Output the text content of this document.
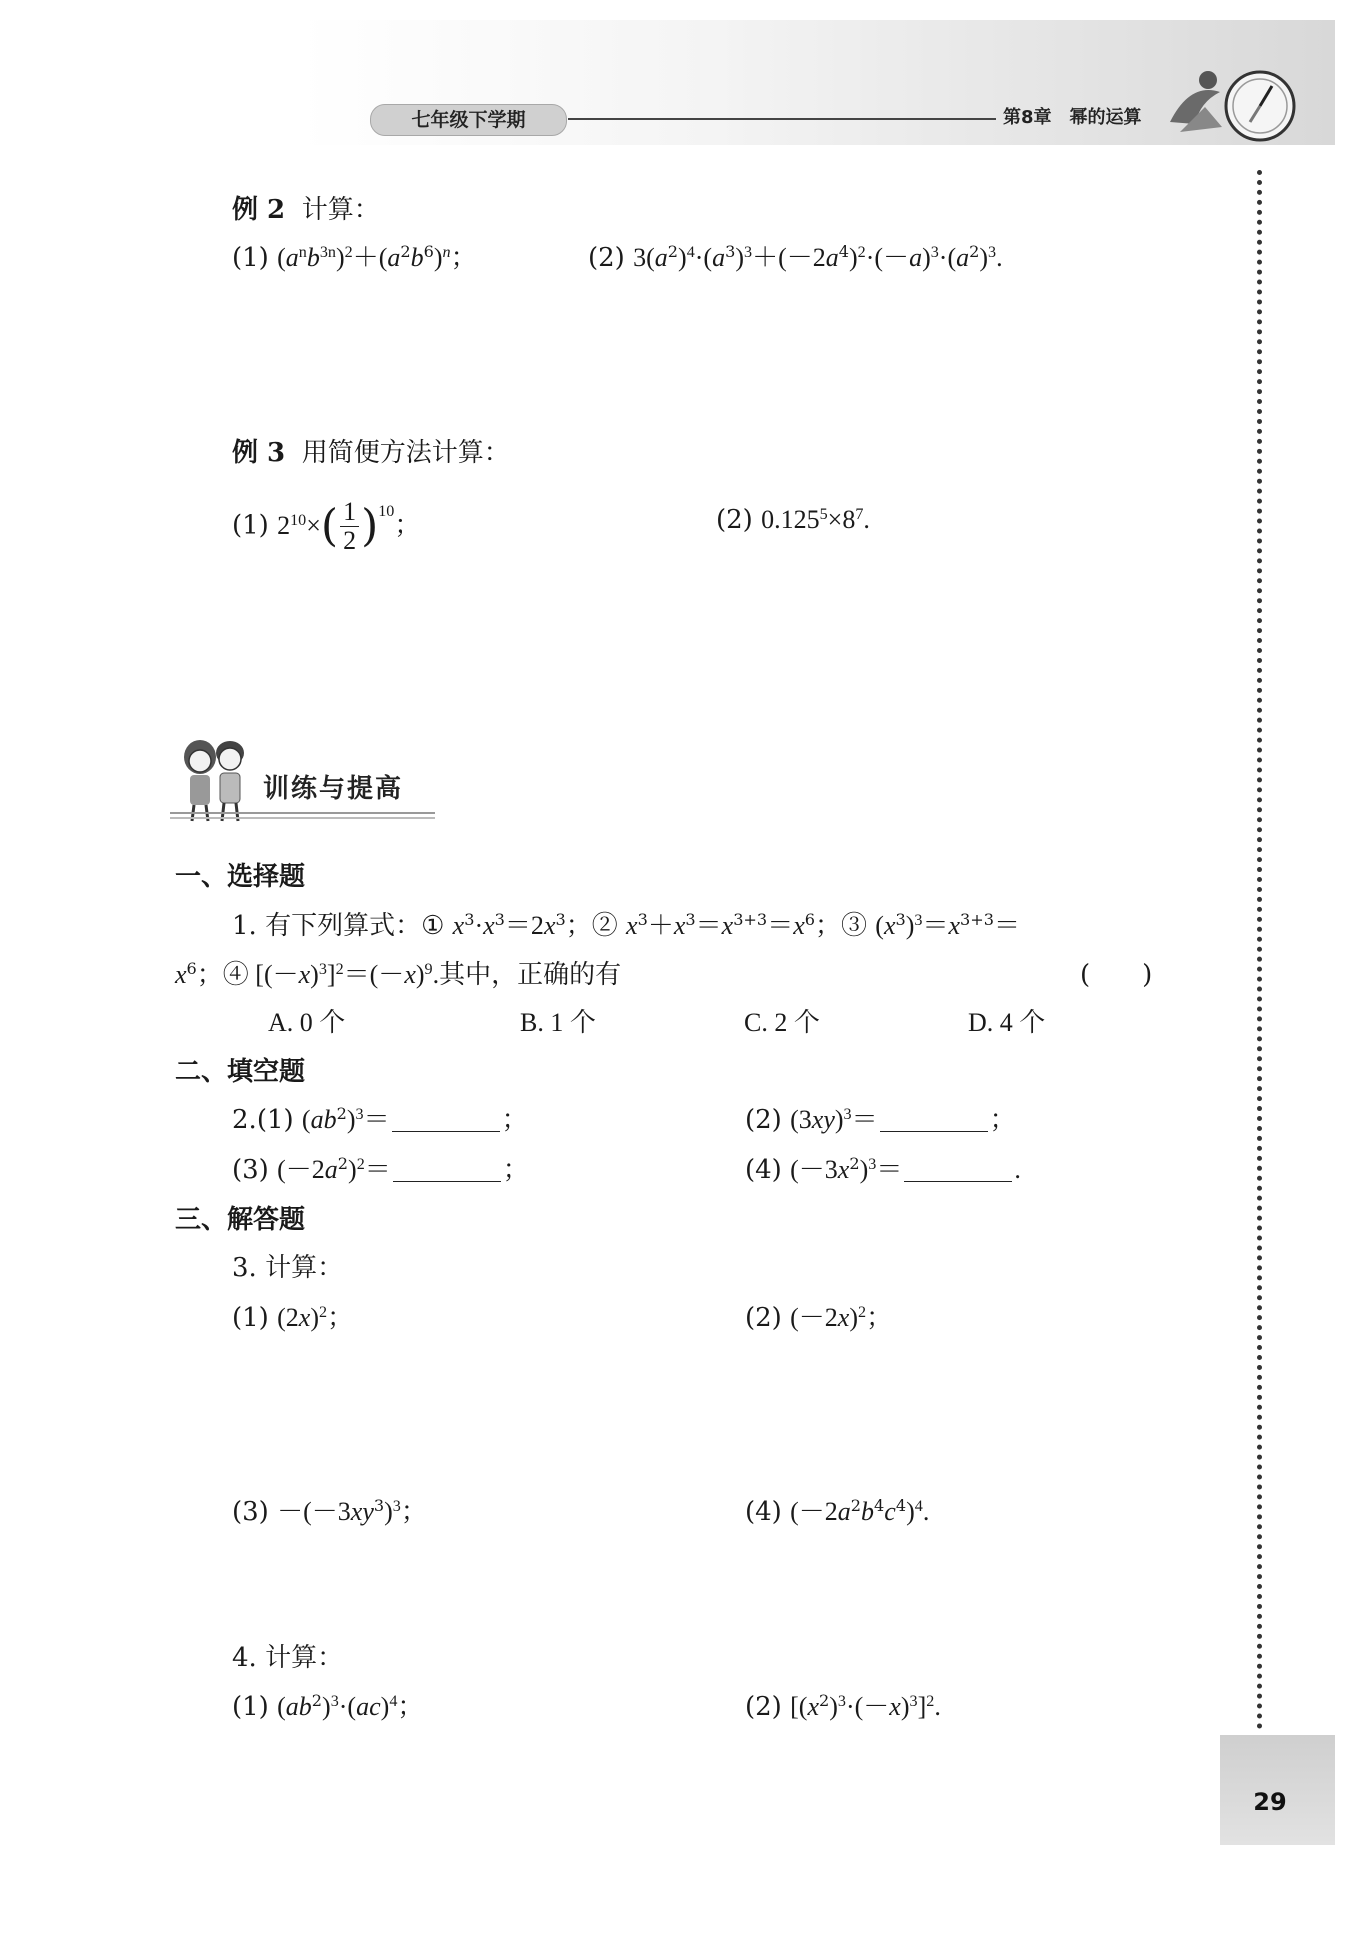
七年级下学期	第8章　幂的运算
例 2 计算：
(1) $(a^nb^{3n})^2+(a^2b^6)^n$；	(2) $3(a^2)^4\cdot(a^3)^3+(-2a^4)^2\cdot(-a)^3\cdot(a^2)^3$.
例 3 用简便方法计算：
(1) $2^{10}\times( \frac{1}{2} )^{10}$；	(2) $0.125^5\times 8^7$.
训练与提高
一、选择题
1. 有下列算式：① $x^3\cdot x^3=2x^3$；② $x^3+x^3=x^{3+3}=x^6$；③ $(x^3)^3=x^{3+3}=$
$x^6$；④ $[(-x)^3]^2=(-x)^9$.其中，正确的有	(　　)
A. 0 个	B. 1 个	C. 2 个	D. 4 个
二、填空题
2.(1) $(ab^2)^3=$	；	(2) $(3xy)^3=$	；
(3) $(-2a^2)^2=$	；	(4) $(-3x^2)^3=$	.
三、解答题
3. 计算：
(1) $(2x)^2$；	(2) $(-2x)^2$；
$(3) -(-3xy^3)^3$；	(4) $(-2a^2b^4c^4)^4$.
4. 计算：
(1) $(ab^2)^3\cdot(ac)^4$；	(2) $[(x^2)^3\cdot(-x)^3]^2$.
29
